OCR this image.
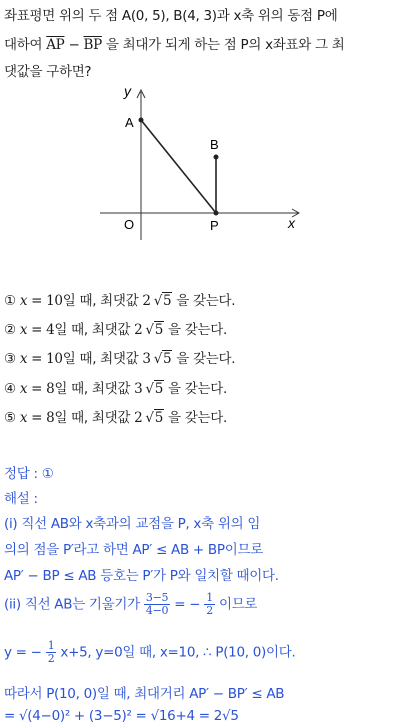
좌표평면 위의 두 점 A(0, 5), B(4, 3)과 x축 위의 동점 P에
대하여 $\overline{AP} - \overline{BP}$ 을 최대가 되게 하는 점 P의 x좌표와 그 최
댓값을 구하면?
y
x
O
A
B
P
① x = 10일 때, 최댓값 2 √5 을 갖는다.
② x = 4일 때, 최댓값 2 √5 을 갖는다.
③ x = 10일 때, 최댓값 3 √5 을 갖는다.
④ x = 8일 때, 최댓값 3 √5 을 갖는다.
⑤ x = 8일 때, 최댓값 2 √5 을 갖는다.
정답 : ①
해설 :
(i) 직선 AB와 x축과의 교점을 P, x축 위의 임
의의 점을 P′라고 하면 AP′ ≤ AB + BP이므로
AP′ − BP ≤ AB 등호는 P′가 P와 일치할 때이다.
(ii) 직선 AB는 기울기가 $\frac{3-5}{4-0}$ = − $\frac{1}{2}$ 이므로
y = − $\frac{1}{2} x+5$, y=0일 때, x=10, ∴ P(10, 0)이다.
따라서 P(10, 0)일 때, 최대거리 AP′ − BP′ ≤ AB
= √(4−0)² + (3−5)² = √16+4 = 2√5
